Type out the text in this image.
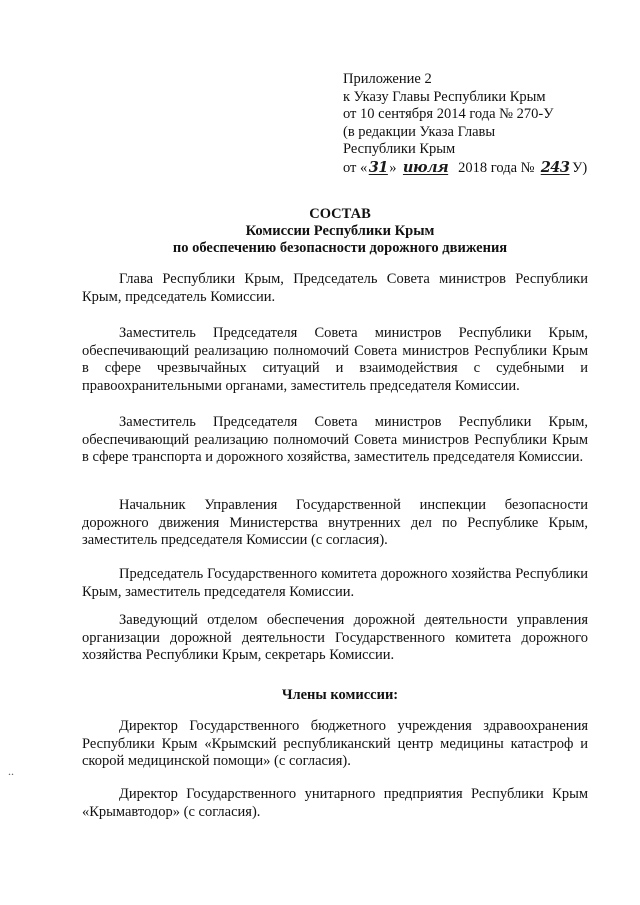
Приложение 2
к Указу Главы Республики Крым
от 10 сентября 2014 года № 270-У
(в редакции Указа Главы
Республики Крым
от «31» июля 2018 года № 243 У)
СОСТАВ
Комиссии Республики Крым
по обеспечению безопасности дорожного движения
Глава Республики Крым, Председатель Совета министров Республики Крым, председатель Комиссии.
Заместитель Председателя Совета министров Республики Крым, обеспечивающий реализацию полномочий Совета министров Республики Крым в сфере чрезвычайных ситуаций и взаимодействия с судебными и правоохранительными органами, заместитель председателя Комиссии.
Заместитель Председателя Совета министров Республики Крым, обеспечивающий реализацию полномочий Совета министров Республики Крым в сфере транспорта и дорожного хозяйства, заместитель председателя Комиссии.
Начальник Управления Государственной инспекции безопасности дорожного движения Министерства внутренних дел по Республике Крым, заместитель председателя Комиссии (с согласия).
Председатель Государственного комитета дорожного хозяйства Республики Крым, заместитель председателя Комиссии.
Заведующий отделом обеспечения дорожной деятельности управления организации дорожной деятельности Государственного комитета дорожного хозяйства Республики Крым, секретарь Комиссии.
Члены комиссии:
Директор Государственного бюджетного учреждения здравоохранения Республики Крым «Крымский республиканский центр медицины катастроф и скорой медицинской помощи» (с согласия).
Директор Государственного унитарного предприятия Республики Крым «Крымавтодор» (с согласия).
..
